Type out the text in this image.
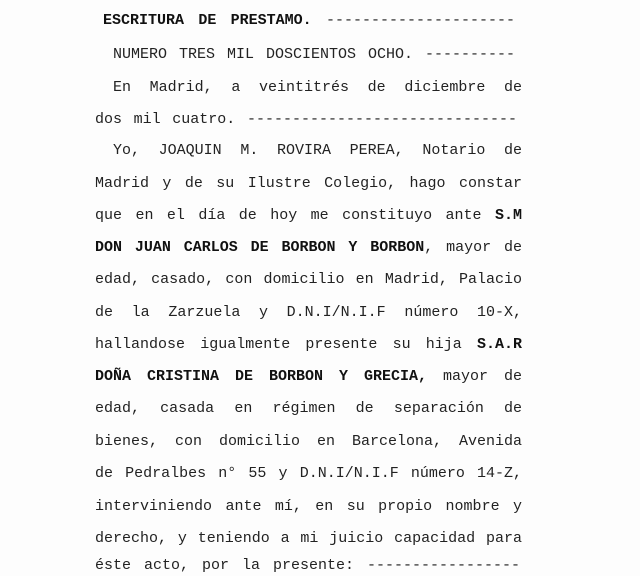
ESCRITURA DE PRESTAMO. ---------------------
NUMERO TRES MIL DOSCIENTOS OCHO. ----------
En Madrid, a veintitrés de diciembre de
dos mil cuatro. ------------------------------
Yo, JOAQUIN M. ROVIRA PEREA, Notario de
Madrid y de su Ilustre Colegio, hago constar
que en el día de hoy me constituyo ante S.M
DON JUAN CARLOS DE BORBON Y BORBON, mayor de
edad, casado, con domicilio en Madrid, Palacio
de la Zarzuela y D.N.I/N.I.F número 10-X,
hallandose igualmente presente su hija S.A.R
DOÑA CRISTINA DE BORBON Y GRECIA, mayor de
edad, casada en régimen de separación de
bienes, con domicilio en Barcelona, Avenida
de Pedralbes n° 55 y D.N.I/N.I.F número 14-Z,
interviniendo ante mí, en su propio nombre y
derecho, y teniendo a mi juicio capacidad para
éste acto, por la presente: -----------------
